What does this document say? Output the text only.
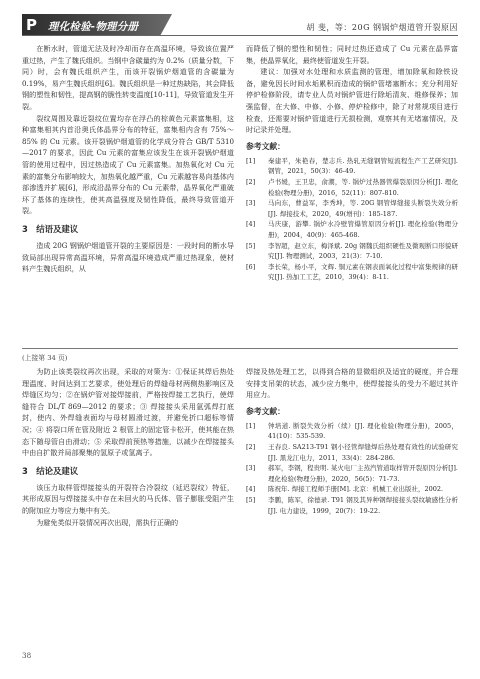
P 理化检验-物理分册	胡 斐，等：20G 钢锅炉烟道管开裂原因

在断水时，管道无法及时冷却而存在高温环境，导致该位置严重过热，产生了魏氏组织。当钢中含碳量约为 0.2%（质量分数，下同）时，会有魏氏组织产生，而该开裂锅炉烟道管的含碳量为 0.19%，易产生魏氏组织[6]。魏氏组织是一种过热缺陷，其会降低钢的塑性和韧性，提高钢的脆性转变温度[10-11]，导致管道发生开裂。

裂纹周围及靠近裂纹位置均存在浮凸的棕黄色元素富集相，这种富集相其内首沿奥氏体晶界分布的特征，富集相内含有 75%～85% 的 Cu 元素。该开裂锅炉烟道管的化学成分符合 GB/T 5310—2017 的要求，因此 Cu 元素的富集应该发生在该开裂锅炉烟道管的使用过程中，因过热造成了 Cu 元素富集。加热氧化对 Cu 元素的富集分布影响较大，加热氧化越严重，Cu 元素越容易向基体内部渗透并扩展[6]，形成沿晶界分布的 Cu 元素带，晶界氧化严重破坏了基体的连续性，使其高温强度及韧性降低，最终导致管道开裂。

3　结语及建议

造成 20G 钢锅炉烟道管开裂的主要原因是：一段时间的断水导致局部出现异常高温环境，异常高温环境造成严重过热现象，使材料产生魏氏组织，从

而降低了钢的塑性和韧性；同时过热还造成了 Cu 元素在晶界富集，使晶界氧化，最终使管道发生开裂。

建议：加强对水处理和水质监测的管理，增加除氧和除铁设备，避免因长时间水垢累积而造成的锅炉管堵塞断水；充分利用好停炉检修阶段，请专业人员对锅炉管进行除垢清灰、维修保养；加强监督，在大修、中修、小修、停炉检修中，除了对常规项目进行检查，还需要对锅炉管道进行无损检测，观察其有无堵塞情况，及时记录并处理。

参考文献：
[1]	秦建平，朱艳春，楚志兵. 热轧无缝钢管短流程生产工艺研究[J]. 钢管，2021，50(3)：46-49.
[2]	卢书媛，王卫忠，俞潮，等. 锅炉过热器管爆裂原因分析[J]. 理化检验(物理分册)，2016，52(11)：807-810.
[3]	马向东，曹益军，李秀坤，等. 20G 钢管焊缝接头断裂失效分析[J]. 焊接技术，2020，49(增刊)：185-187.
[4]	马庆康，游攀. 锅炉水冷壁管爆管原因分析[J]. 理化检验(物理分册)，2004，40(9)：465-468.
[5]	李智超，赵立东，梅泽斌. 20g 钢魏氏组织硬性及微观断口形貌研究[J]. 物理测试，2003，21(3)：7-10.
[6]	李长荣，杨小平，文辉. 铜元素在钢表面氧化过程中富集规律的研究[J]. 热加工工艺，2010，39(4)：8-11.
(上接第 34 页)

为防止该类裂纹再次出现，采取的对策为：①保证其焊后热处理温度、时间达到工艺要求，使处理后的焊缝母材两侧热影响区及焊缝区均匀；②在锅炉管对接焊接前，严格按焊接工艺执行，使焊缝符合 DL/T 869—2012 的要求；③ 焊接接头采用氩弧焊打底封，使内、外焊缝表面均与母材圆滑过渡，并避免折口超标等情况；④ 将裂口所在管及附近 2 根管上的固定管卡松开，使其能在热态下随母管自由滑动；⑤ 采取焊前预热等措施，以减少在焊接接头中由自扩散并局部聚集的氢原子或氢离子。

3　结论及建议

该压力取样管焊接接头的开裂符合冷裂纹（延迟裂纹）特征，其形成原因与焊接接头中存在未回火的马氏体、管子膨胀受阻产生的附加应力等应力集中有关。

为避免类似开裂情况再次出现，需执行正确的

焊接及热处理工艺，以得到合格的显微组织及适宜的硬度，并合理安排支吊架的状态，减少应力集中，使焊接接头的受力不超过其许用应力。

参考文献：
[1]	钟培道. 断裂失效分析（续）[J]. 理化检验(物理分册)，2005，41(10)：535-539.
[2]	王春良. SA213-T91 钢小径管焊缝焊后热处理有效性的试验研究[J]. 黑龙江电力，2011，33(4)：284-286.
[3]	郝军，李钢，程贵明. 某火电厂主蒸汽管道取样管开裂原因分析[J]. 理化检验(物理分册)，2020，56(5)：71-73.
[4]	陈祝年. 焊接工程师手册[M]. 北京：机械工业出版社，2002.
[5]	李鹏，陈军，徐德录. T91 钢及其异种钢焊接接头裂纹敏感性分析[J]. 电力建设，1999，20(7)：19-22.
38
